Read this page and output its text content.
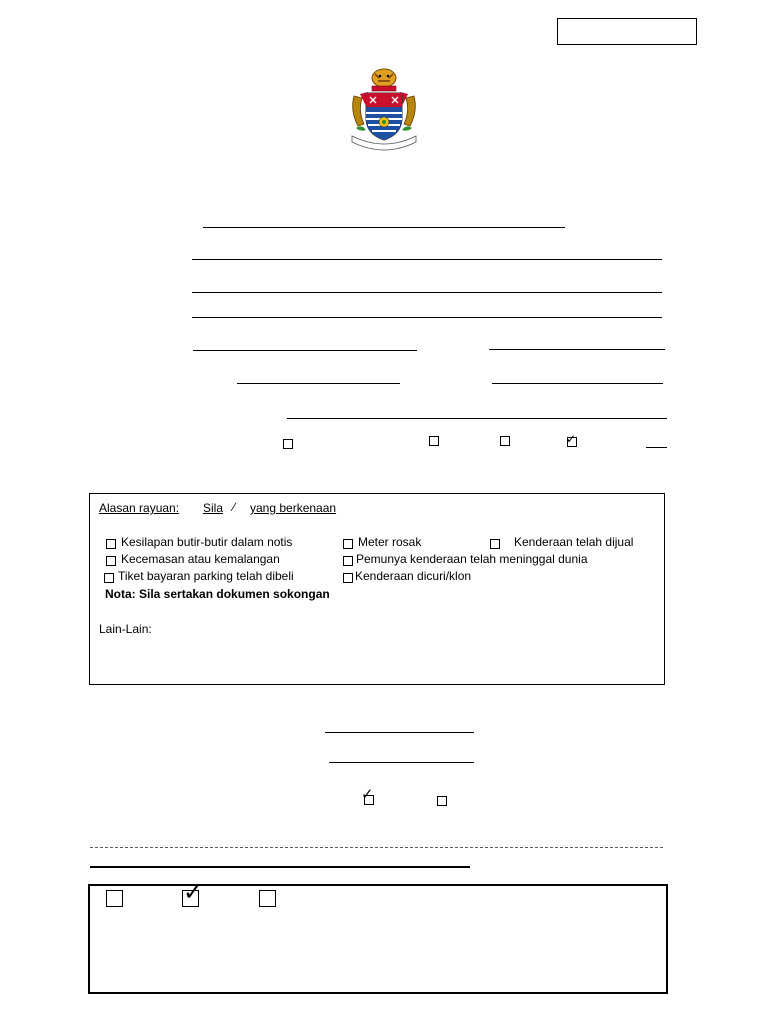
✓
Alasan rayuan: Sila ⁄ yang berkenaan
Kesilapan butir-butir dalam notis	Meter rosak	Kenderaan telah dijual
Kecemasan atau kemalangan	Pemunya kenderaan telah meninggal dunia
Tiket bayaran parking telah dibeli	Kenderaan dicuri/klon
Nota: Sila sertakan dokumen sokongan
Lain-Lain:
✓
✓
